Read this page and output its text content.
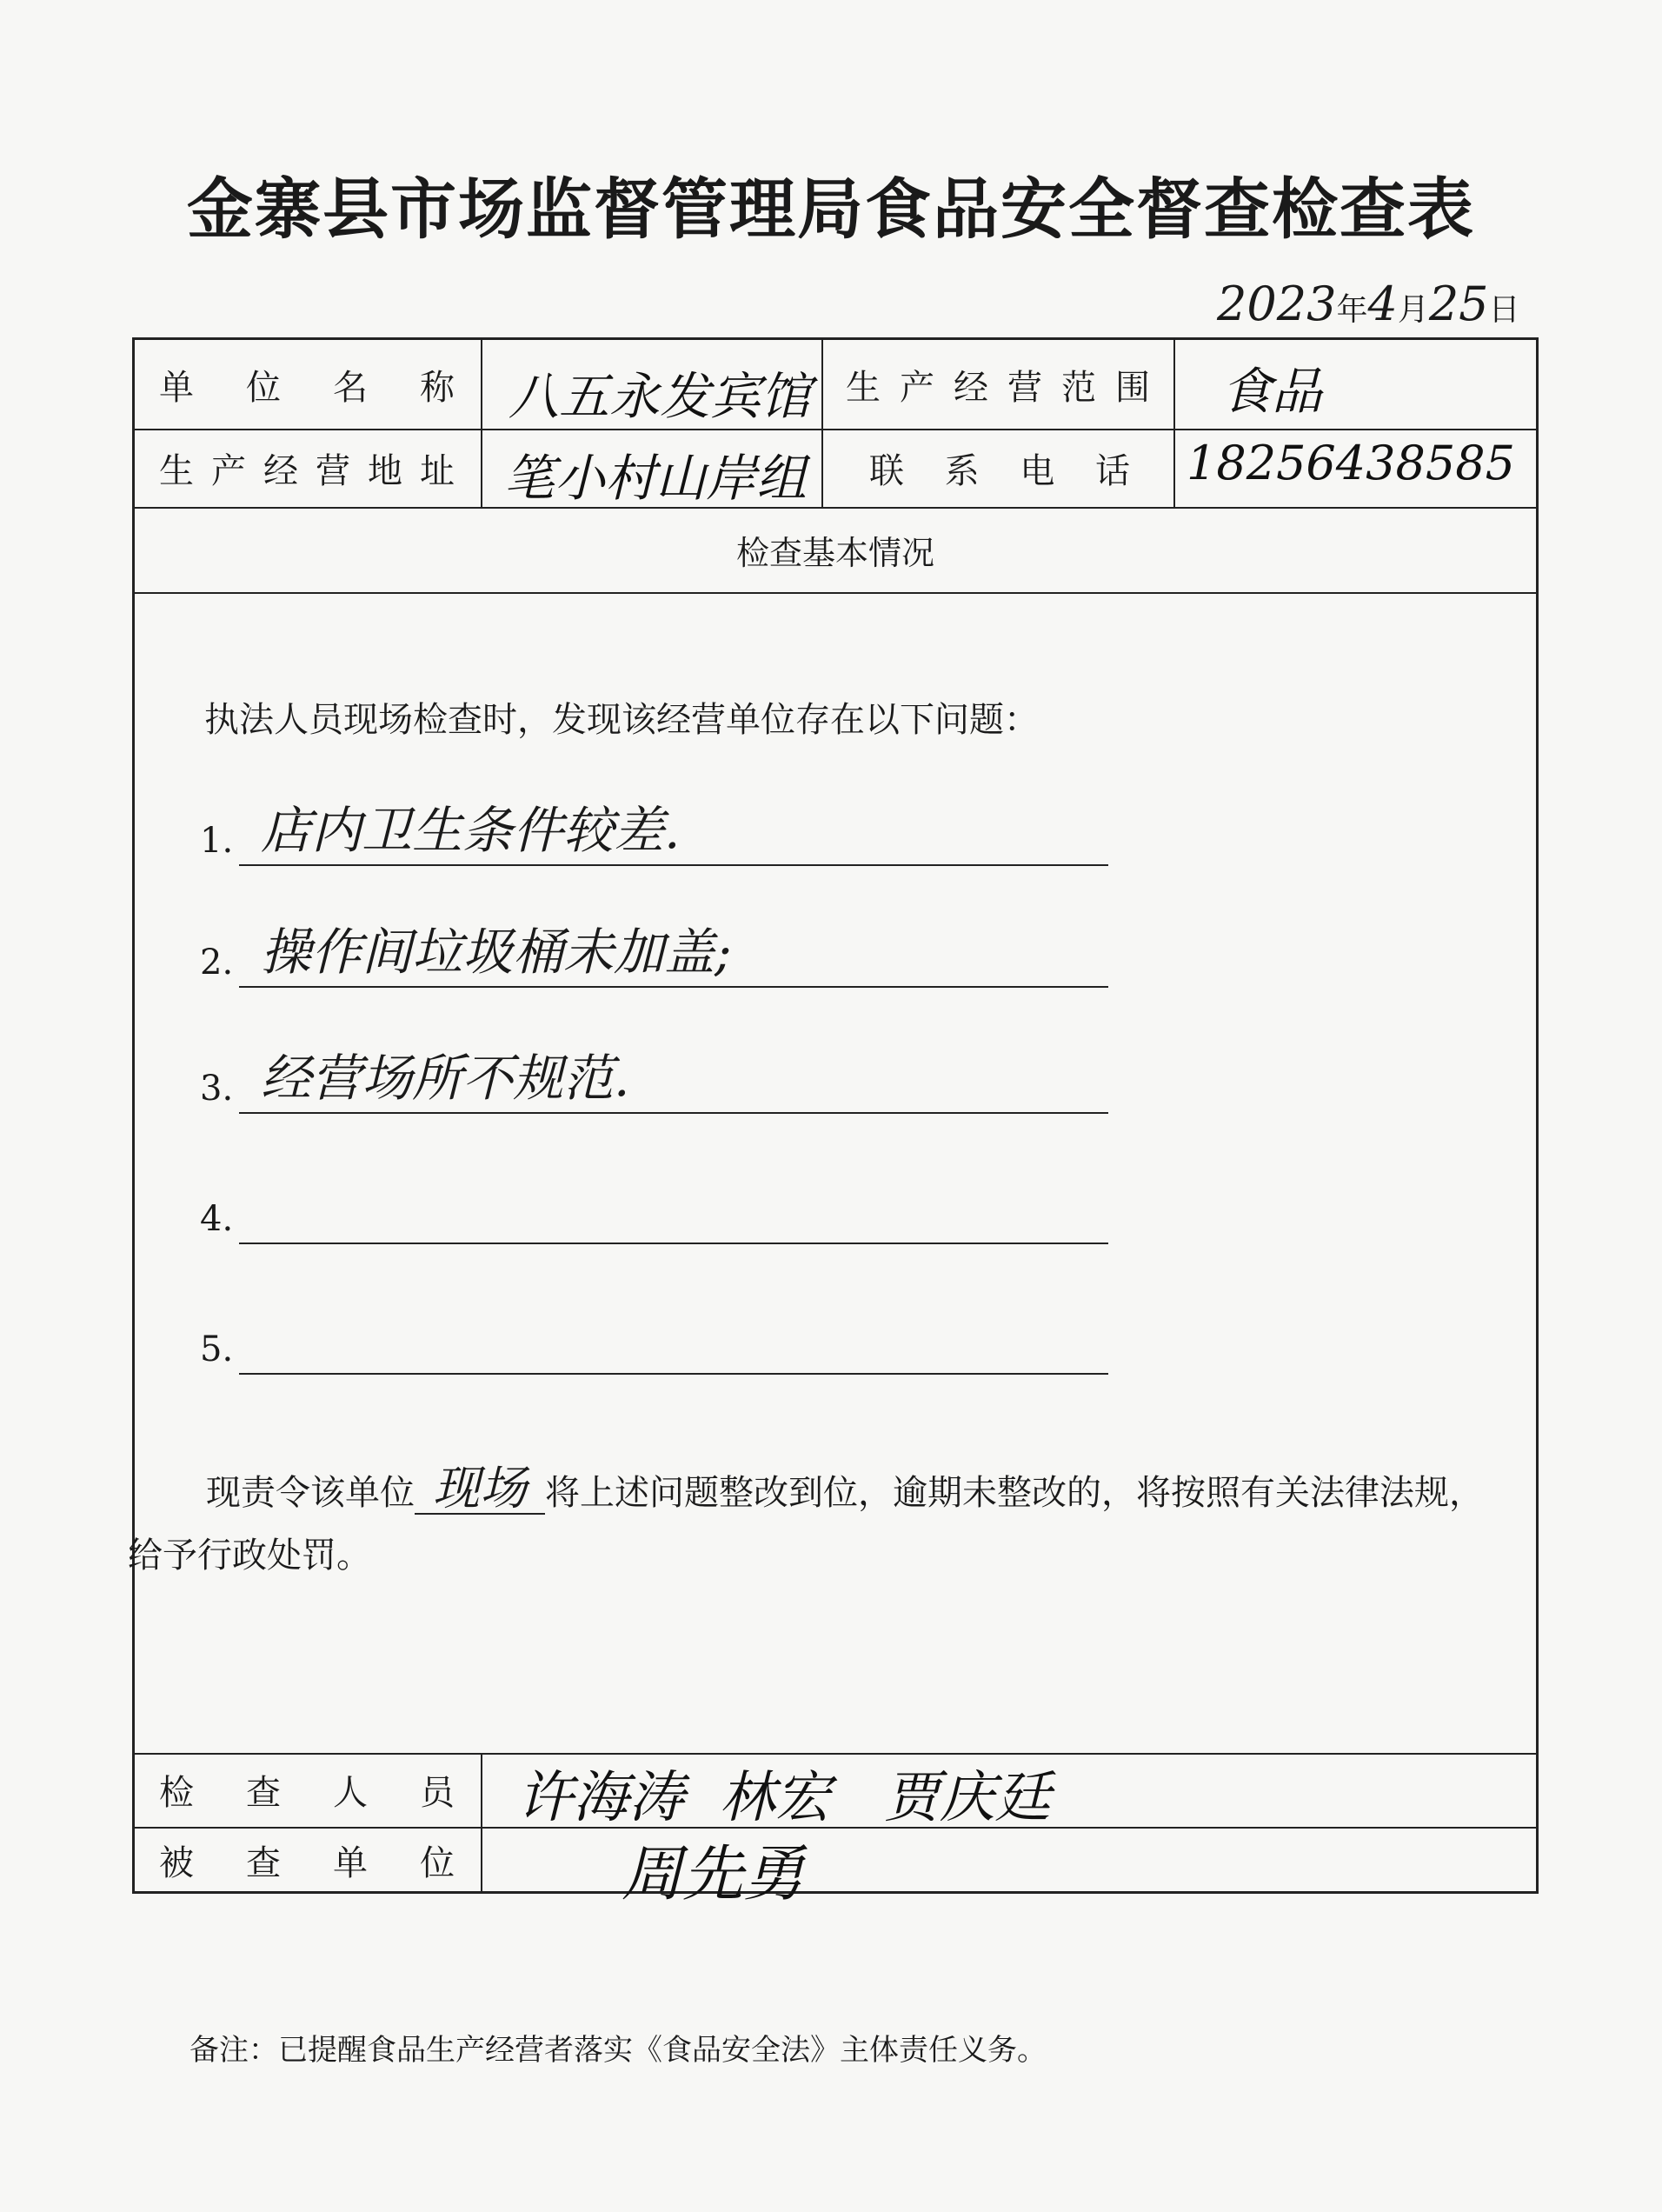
金寨县市场监督管理局食品安全督查检查表
2023年4月25日
单 位 名 称 八五永发宾馆 生 产 经 营 范 围 食品
生 产 经 营 地 址 笔小村山岸组 联 系 电 话 18256438585
检查基本情况
执法人员现场检查时，发现该经营单位存在以下问题：
1. 店内卫生条件较差.
2. 操作间垃圾桶未加盖;
3. 经营场所不规范.
4.
5.
现责令该单位 现场 将上述问题整改到位，逾期未整改的，将按照有关法律法规，给予行政处罚。
检 查 人 员 许海涛  林宏   贾庆廷
被 查 单 位	周先勇
备注：已提醒食品生产经营者落实《食品安全法》主体责任义务。
